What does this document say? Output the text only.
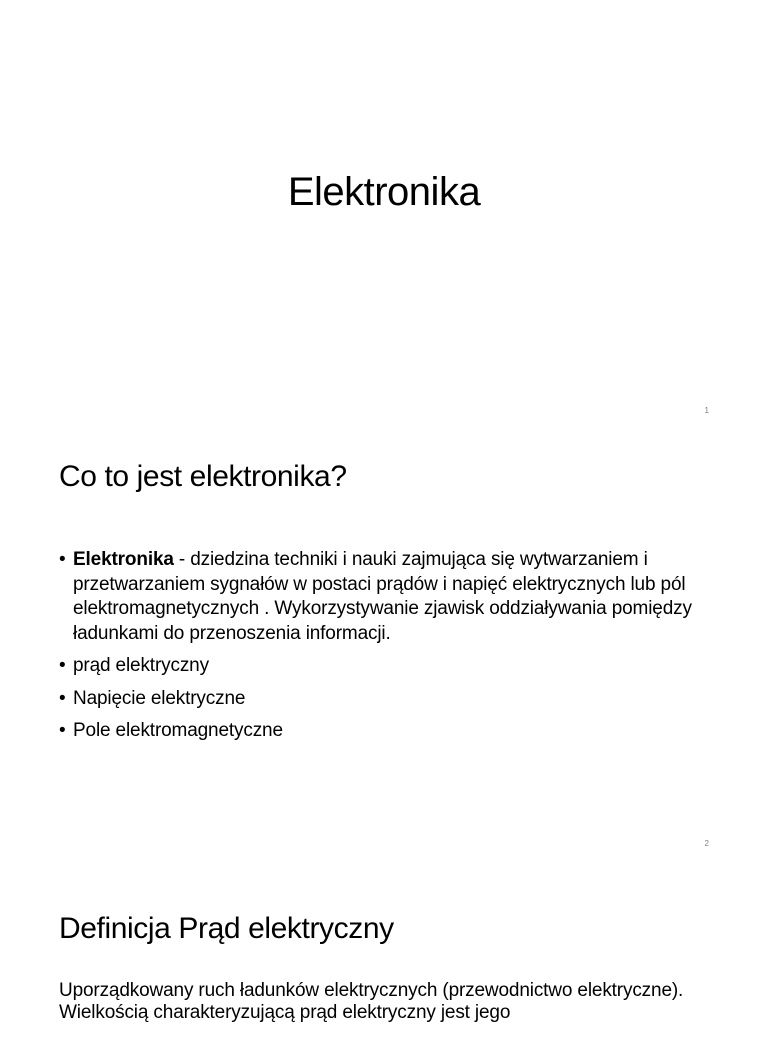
Elektronika
1
Co to jest elektronika?
• Elektronika - dziedzina techniki i nauki zajmująca się wytwarzaniem i przetwarzaniem sygnałów w postaci prądów i napięć elektrycznych lub pól elektromagnetycznych . Wykorzystywanie zjawisk oddziaływania pomiędzy ładunkami do przenoszenia informacji.
• prąd elektryczny
• Napięcie elektryczne
• Pole elektromagnetyczne
2
Definicja Prąd elektryczny

Uporządkowany ruch ładunków elektrycznych (przewodnictwo elektryczne). Wielkością charakteryzującą prąd elektryczny jest jego
